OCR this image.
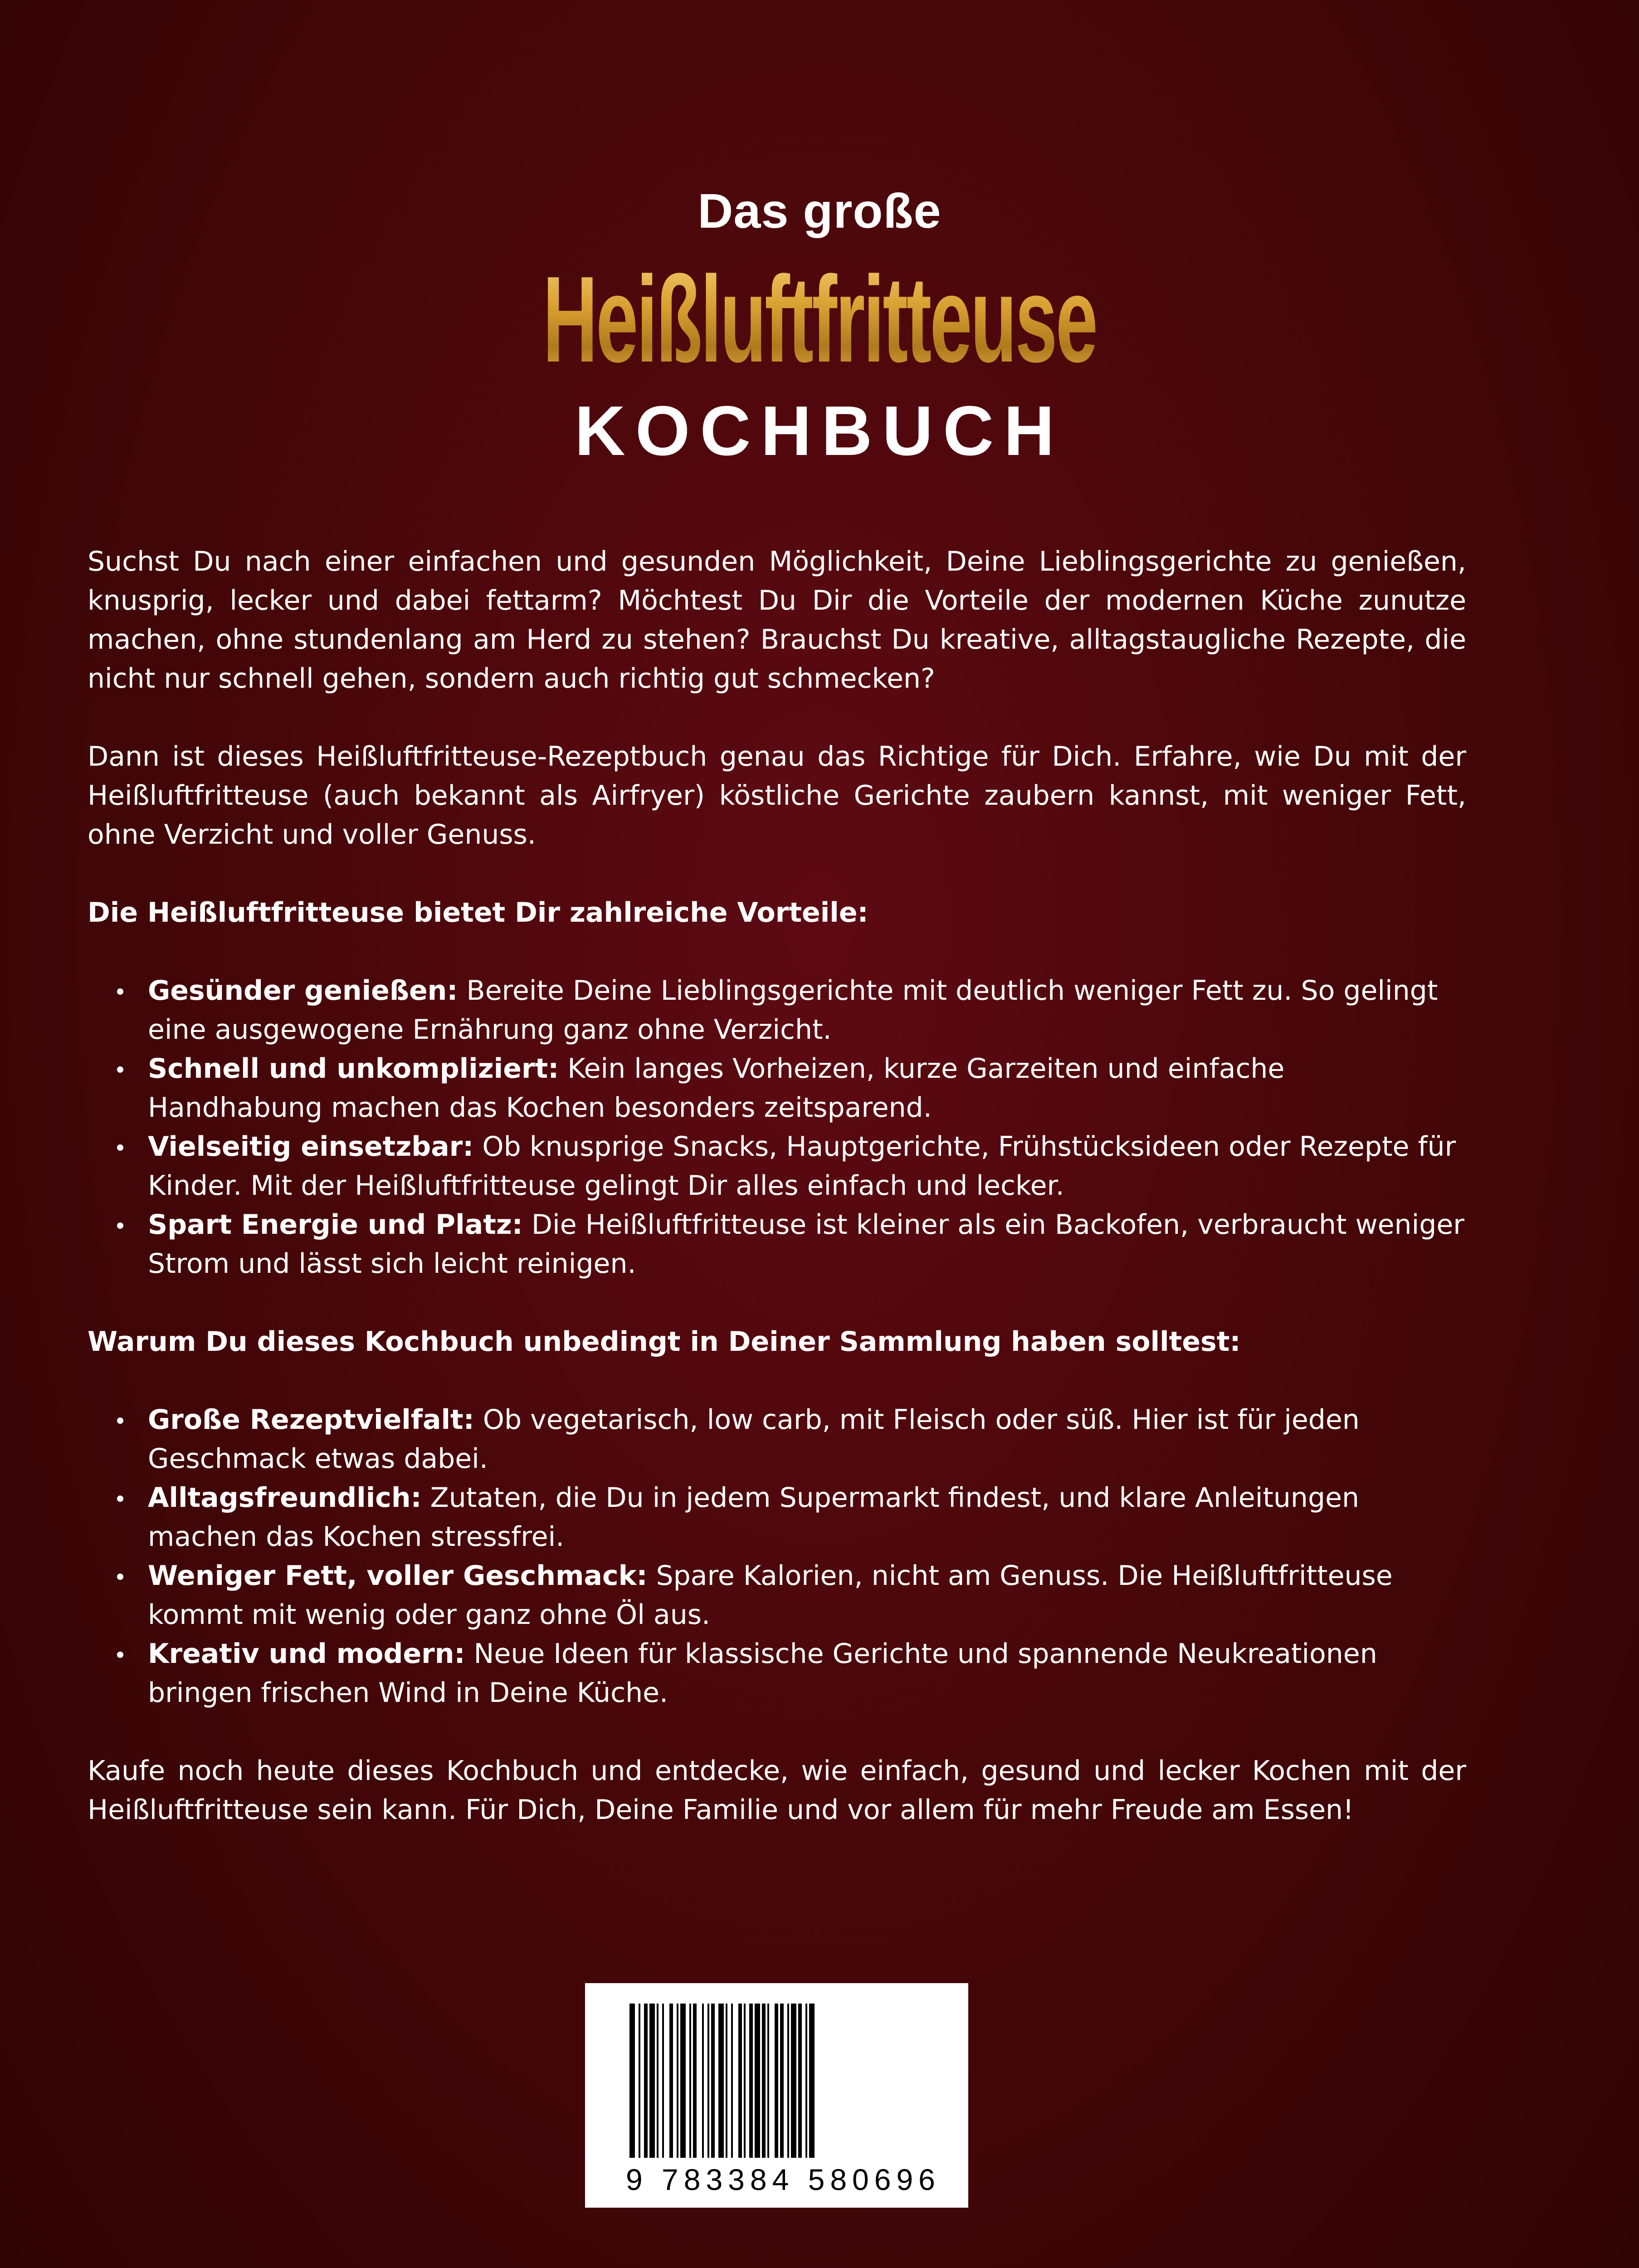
Das große
Heißluftfritteuse
KOCHBUCH

Suchst Du nach einer einfachen und gesunden Möglichkeit, Deine Lieblingsgerichte zu genießen, knusprig, lecker und dabei fettarm? Möchtest Du Dir die Vorteile der modernen Küche zunutze machen, ohne stundenlang am Herd zu stehen? Brauchst Du kreative, alltagstaugliche Rezepte, die nicht nur schnell gehen, sondern auch richtig gut schmecken?

Dann ist dieses Heißluftfritteuse-Rezeptbuch genau das Richtige für Dich. Erfahre, wie Du mit der Heißluftfritteuse (auch bekannt als Airfryer) köstliche Gerichte zaubern kannst, mit weniger Fett, ohne Verzicht und voller Genuss.

Die Heißluftfritteuse bietet Dir zahlreiche Vorteile:

Gesünder genießen: Bereite Deine Lieblingsgerichte mit deutlich weniger Fett zu. So gelingt eine ausgewogene Ernährung ganz ohne Verzicht.
Schnell und unkompliziert: Kein langes Vorheizen, kurze Garzeiten und einfache Handhabung machen das Kochen besonders zeitsparend.
Vielseitig einsetzbar: Ob knusprige Snacks, Hauptgerichte, Frühstücksideen oder Rezepte für Kinder. Mit der Heißluftfritteuse gelingt Dir alles einfach und lecker.
Spart Energie und Platz: Die Heißluftfritteuse ist kleiner als ein Backofen, verbraucht weniger Strom und lässt sich leicht reinigen.

Warum Du dieses Kochbuch unbedingt in Deiner Sammlung haben solltest:

Große Rezeptvielfalt: Ob vegetarisch, low carb, mit Fleisch oder süß. Hier ist für jeden Geschmack etwas dabei.
Alltagsfreundlich: Zutaten, die Du in jedem Supermarkt findest, und klare Anleitungen machen das Kochen stressfrei.
Weniger Fett, voller Geschmack: Spare Kalorien, nicht am Genuss. Die Heißluftfritteuse kommt mit wenig oder ganz ohne Öl aus.
Kreativ und modern: Neue Ideen für klassische Gerichte und spannende Neukreationen bringen frischen Wind in Deine Küche.

Kaufe noch heute dieses Kochbuch und entdecke, wie einfach, gesund und lecker Kochen mit der Heißluftfritteuse sein kann. Für Dich, Deine Familie und vor allem für mehr Freude am Essen!

9 783384 580696
